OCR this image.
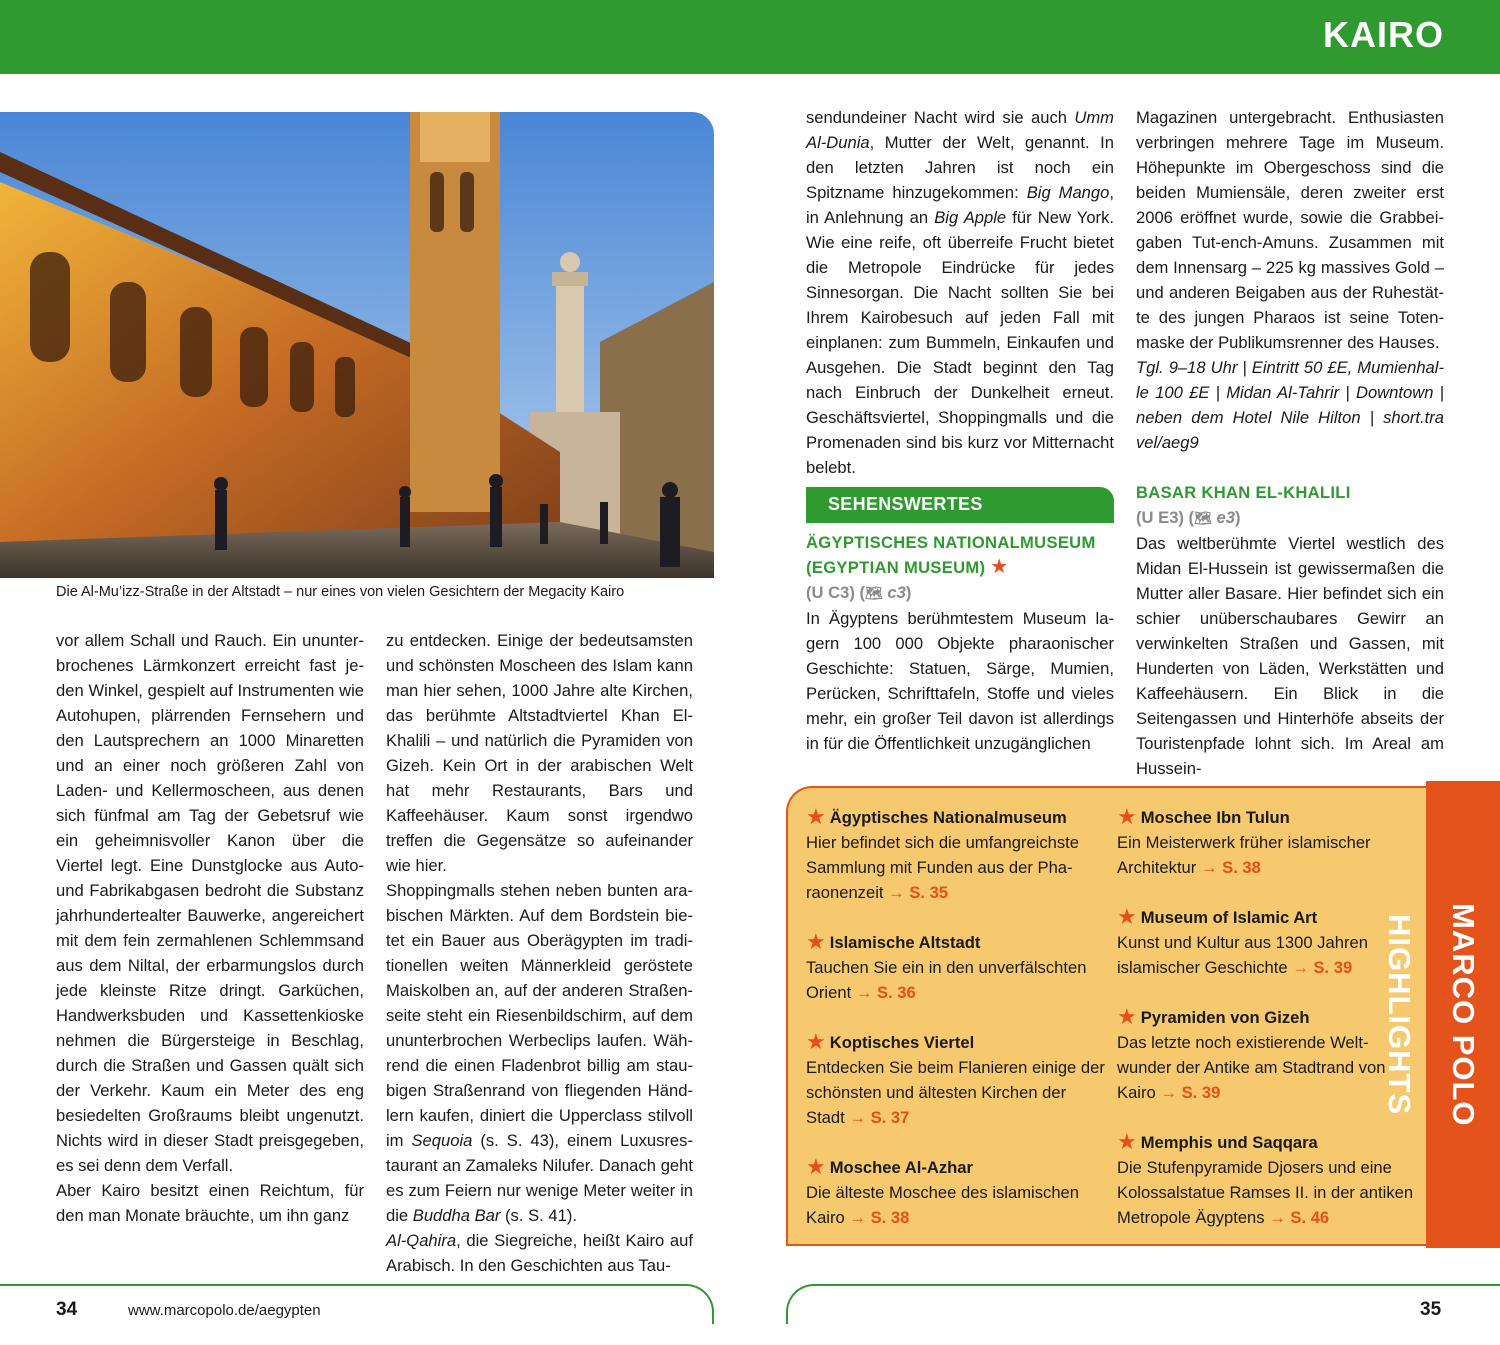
KAIRO
Die Al-Mu’izz-Straße in der Altstadt – nur eines von vielen Gesichtern der Megacity Kairo

vor allem Schall und Rauch. Ein ununterbrochenes Lärmkonzert erreicht fast jeden Winkel, gespielt auf Instrumenten wie Autohupen, plärrenden Fernsehern und den Lautsprechern an 1000 Minaretten und an einer noch größeren Zahl von Laden- und Kellermoscheen, aus denen sich fünfmal am Tag der Gebetsruf wie ein geheimnisvoller Kanon über die Viertel legt. Eine Dunstglocke aus Auto- und Fabrikabgasen bedroht die Substanz jahrhundertealter Bauwerke, angereichert mit dem fein zermahlenen Schlemmsand aus dem Niltal, der erbarmungslos durch jede kleinste Ritze dringt. Garküchen, Handwerksbuden und Kassettenkioske nehmen die Bürgersteige in Beschlag, durch die Straßen und Gassen quält sich der Verkehr. Kaum ein Meter des eng besiedelten Großraums bleibt ungenutzt. Nichts wird in dieser Stadt preisgegeben, es sei denn dem Verfall.

Aber Kairo besitzt einen Reichtum, für den man Monate bräuchte, um ihn ganz

zu entdecken. Einige der bedeutsamsten und schönsten Moscheen des Islam kann man hier sehen, 1000 Jahre alte Kirchen, das berühmte Altstadtviertel Khan El-Khalili – und natürlich die Pyramiden von Gizeh. Kein Ort in der arabischen Welt hat mehr Restaurants, Bars und Kaffeehäuser. Kaum sonst irgendwo treffen die Gegensätze so aufeinander wie hier.

Shoppingmalls stehen neben bunten arabischen Märkten. Auf dem Bordstein bietet ein Bauer aus Oberägypten im traditionellen weiten Männerkleid geröstete Maiskolben an, auf der anderen Straßenseite steht ein Riesenbildschirm, auf dem ununterbrochen Werbeclips laufen. Während die einen Fladenbrot billig am staubigen Straßenrand von fliegenden Händlern kaufen, diniert die Upperclass stilvoll im Sequoia (s. S. 43), einem Luxusrestaurant an Zamaleks Nilufer. Danach geht es zum Feiern nur wenige Meter weiter in die Buddha Bar (s. S. 41).

Al-Qahira, die Siegreiche, heißt Kairo auf Arabisch. In den Geschichten aus Tau-

sendundeiner Nacht wird sie auch Umm Al-Dunia, Mutter der Welt, genannt. In den letzten Jahren ist noch ein Spitzname hinzugekommen: Big Mango, in Anlehnung an Big Apple für New York. Wie eine reife, oft überreife Frucht bietet die Metropole Eindrücke für jedes Sinnesorgan. Die Nacht sollten Sie bei Ihrem Kairobesuch auf jeden Fall mit einplanen: zum Bummeln, Einkaufen und Ausgehen. Die Stadt beginnt den Tag nach Einbruch der Dunkelheit erneut. Geschäftsviertel, Shoppingmalls und die Promenaden sind bis kurz vor Mitternacht belebt.

SEHENSWERTES

ÄGYPTISCHES NATIONALMUSEUM (EGYPTIAN MUSEUM) ★

(U C3) (🗺 c3)

In Ägyptens berühmtestem Museum lagern 100 000 Objekte pharaonischer Geschichte: Statuen, Särge, Mumien, Perücken, Schrifttafeln, Stoffe und vieles mehr, ein großer Teil davon ist allerdings in für die Öffentlichkeit unzugänglichen

Magazinen untergebracht. Enthusiasten verbringen mehrere Tage im Museum. Höhepunkte im Obergeschoss sind die beiden Mumiensäle, deren zweiter erst 2006 eröffnet wurde, sowie die Grabbeigaben Tut-ench-Amuns. Zusammen mit dem Innensarg – 225 kg massives Gold – und anderen Beigaben aus der Ruhestätte des jungen Pharaos ist seine Totenmaske der Publikumsrenner des Hauses.

Tgl. 9–18 Uhr | Eintritt 50 £E, Mumienhalle 100 £E | Midan Al-Tahrir | Downtown | neben dem Hotel Nile Hilton | short.tra vel/aeg9

BASAR KHAN EL-KHALILI

(U E3) (🗺 e3)

Das weltberühmte Viertel westlich des Midan El-Hussein ist gewissermaßen die Mutter aller Basare. Hier befindet sich ein schier unüberschaubares Gewirr an verwinkelten Straßen und Gassen, mit Hunderten von Läden, Werkstätten und Kaffeehäusern. Ein Blick in die Seitengassen und Hinterhöfe abseits der Touristenpfade lohnt sich. Im Areal am Hussein-

MARCO POLO HIGHLIGHTS
★ Ägyptisches Nationalmuseum
Hier befindet sich die umfangreichste Sammlung mit Funden aus der Pharaonenzeit → S. 35
★ Islamische Altstadt
Tauchen Sie ein in den unverfälschten Orient → S. 36
★ Koptisches Viertel
Entdecken Sie beim Flanieren einige der schönsten und ältesten Kirchen der Stadt → S. 37
★ Moschee Al-Azhar
Die älteste Moschee des islamischen Kairo → S. 38
★ Moschee Ibn Tulun
Ein Meisterwerk früher islamischer Architektur → S. 38
★ Museum of Islamic Art
Kunst und Kultur aus 1300 Jahren islamischer Geschichte → S. 39
★ Pyramiden von Gizeh
Das letzte noch existierende Weltwunder der Antike am Stadtrand von Kairo → S. 39
★ Memphis und Saqqara
Die Stufenpyramide Djosers und eine Kolossalstatue Ramses II. in der antiken Metropole Ägyptens → S. 46
34	www.marcopolo.de/aegypten	35
